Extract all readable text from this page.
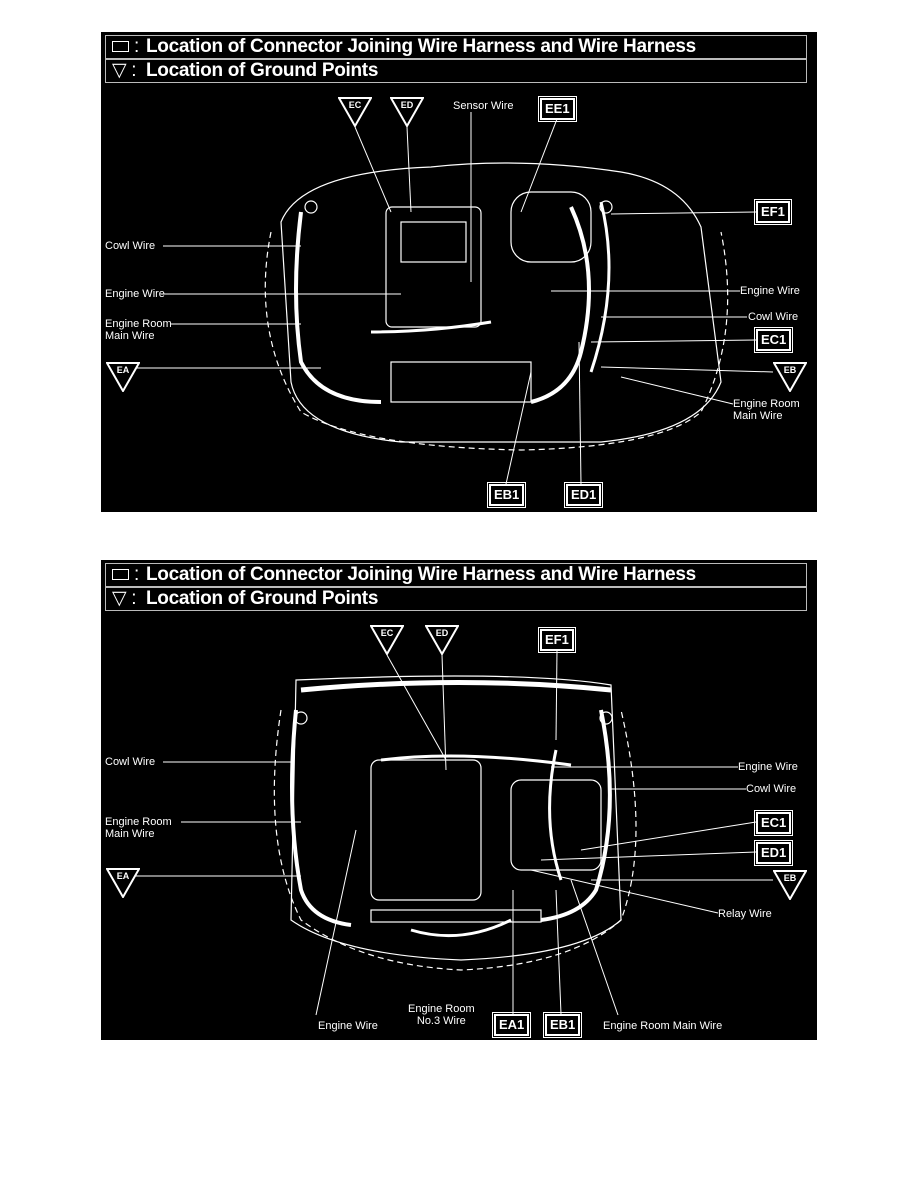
: Location of Connector Joining Wire Harness and Wire Harness
▽ : Location of Ground Points
EC	ED
EA	EB
Sensor Wire	EE1
EF1
EC1
EB1	ED1
Cowl Wire
Engine Wire
Engine Room
Main Wire
Engine Wire
Cowl Wire
Engine Room
Main Wire
: Location of Connector Joining Wire Harness and Wire Harness
▽ : Location of Ground Points
EC	ED
EA	EB
EF1
EC1
ED1
EA1	EB1
Cowl Wire
Engine Room
Main Wire
Engine Wire
Cowl Wire
Relay Wire
Engine Wire
Engine Room
No.3 Wire	Engine Room Main Wire
